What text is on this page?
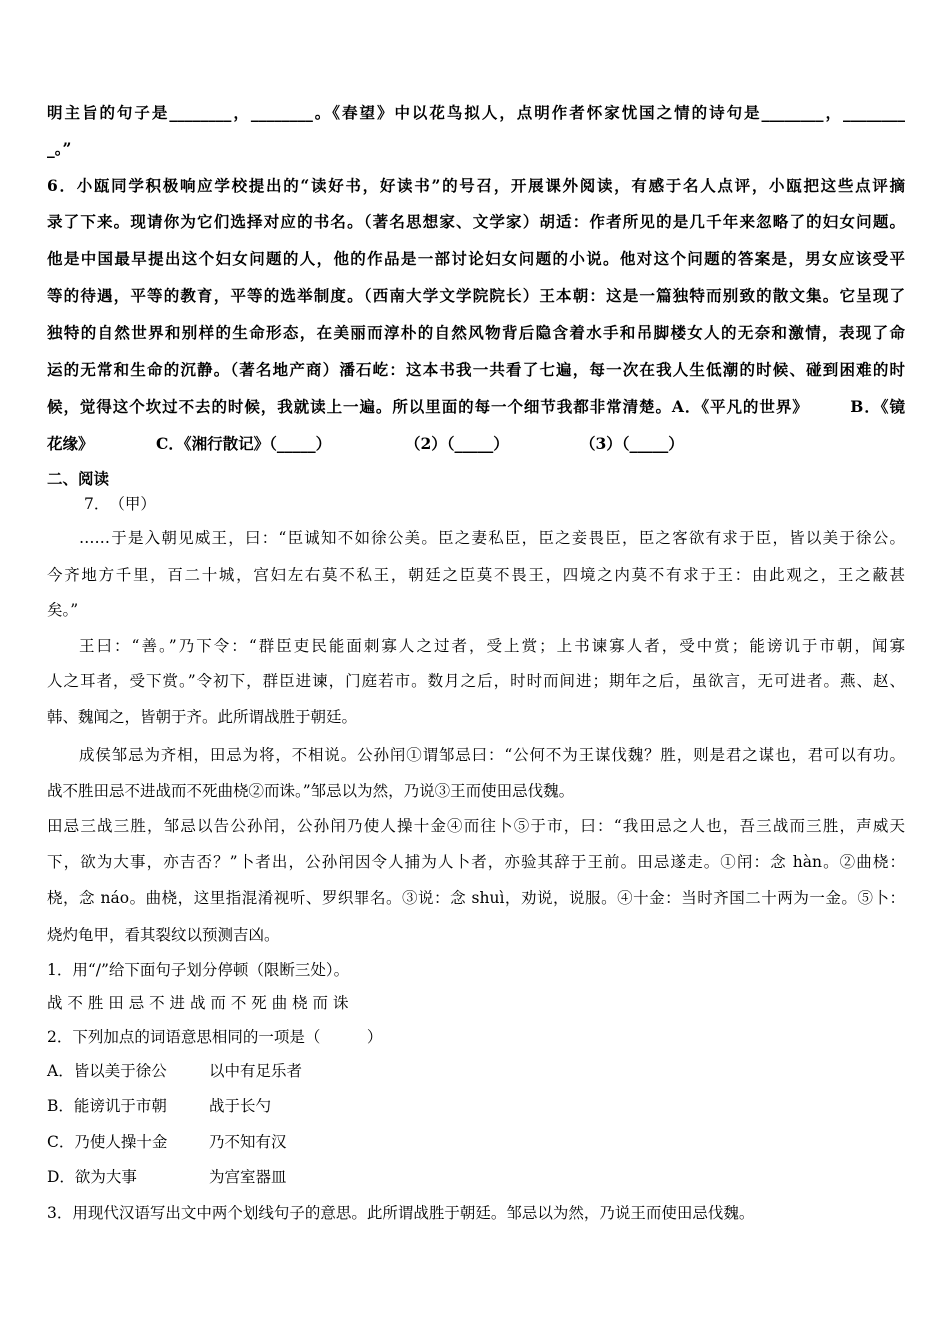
明主旨的句子是________，________。《春望》中以花鸟拟人，点明作者怀家忧国之情的诗句是________，________
_。”
6．小瓯同学积极响应学校提出的“读好书，好读书”的号召，开展课外阅读，有感于名人点评，小瓯把这些点评摘
录了下来。现请你为它们选择对应的书名。（著名思想家、文学家）胡适：作者所见的是几千年来忽略了的妇女问题。
他是中国最早提出这个妇女问题的人，他的作品是一部讨论妇女问题的小说。他对这个问题的答案是，男女应该受平
等的待遇，平等的教育，平等的选举制度。（西南大学文学院院长）王本朝：这是一篇独特而别致的散文集。它呈现了
独特的自然世界和别样的生命形态，在美丽而淳朴的自然风物背后隐含着水手和吊脚楼女人的无奈和激情，表现了命
运的无常和生命的沉静。（著名地产商）潘石屹：这本书我一共看了七遍，每一次在我人生低潮的时候、碰到困难的时
候，觉得这个坎过不去的时候，我就读上一遍。所以里面的每一个细节我都非常清楚。A．《平凡的世界》　　　B．《镜
花缘》	C．《湘行散记》（_____）	（2）（_____）	（3）（_____）
二、阅读
7．　（甲）
……于是入朝见威王，曰：“臣诚知不如徐公美。臣之妻私臣，臣之妾畏臣，臣之客欲有求于臣，皆以美于徐公。
今齐地方千里，百二十城，宫妇左右莫不私王，朝廷之臣莫不畏王，四境之内莫不有求于王：由此观之，王之蔽甚
矣。”
王曰：“善。”乃下令：“群臣吏民能面刺寡人之过者，受上赏；上书谏寡人者，受中赏；能谤讥于市朝，闻寡
人之耳者，受下赏。”令初下，群臣进谏，门庭若市。数月之后，时时而间进；期年之后，虽欲言，无可进者。燕、赵、
韩、魏闻之，皆朝于齐。此所谓战胜于朝廷。
成侯邹忌为齐相，田忌为将，不相说。公孙闬①谓邹忌曰：“公何不为王谋伐魏？胜，则是君之谋也，君可以有功。
战不胜田忌不进战而不死曲桡②而诛。”邹忌以为然，乃说③王而使田忌伐魏。
田忌三战三胜，邹忌以告公孙闬，公孙闬乃使人操十金④而往卜⑤于市，曰：“我田忌之人也，吾三战而三胜，声威天
下，欲为大事，亦吉否？”卜者出，公孙闬因令人捕为人卜者，亦验其辞于王前。田忌遂走。①闬：念 hàn。②曲桡：
桡，念 náo。曲桡，这里指混淆视听、罗织罪名。③说：念 shuì，劝说，说服。④十金：当时齐国二十两为一金。⑤卜：
烧灼龟甲，看其裂纹以预测吉凶。
1．用“/”给下面句子划分停顿（限断三处）。
战 不 胜 田 忌 不 进 战 而 不 死 曲 桡 而 诛
2．下列加点的词语意思相同的一项是（　　　）
A．皆以美于徐公	以中有足乐者
B．能谤讥于市朝	战于长勺
C．乃使人操十金	乃不知有汉
D．欲为大事	为宫室器皿
3．用现代汉语写出文中两个划线句子的意思。此所谓战胜于朝廷。邹忌以为然，乃说王而使田忌伐魏。
